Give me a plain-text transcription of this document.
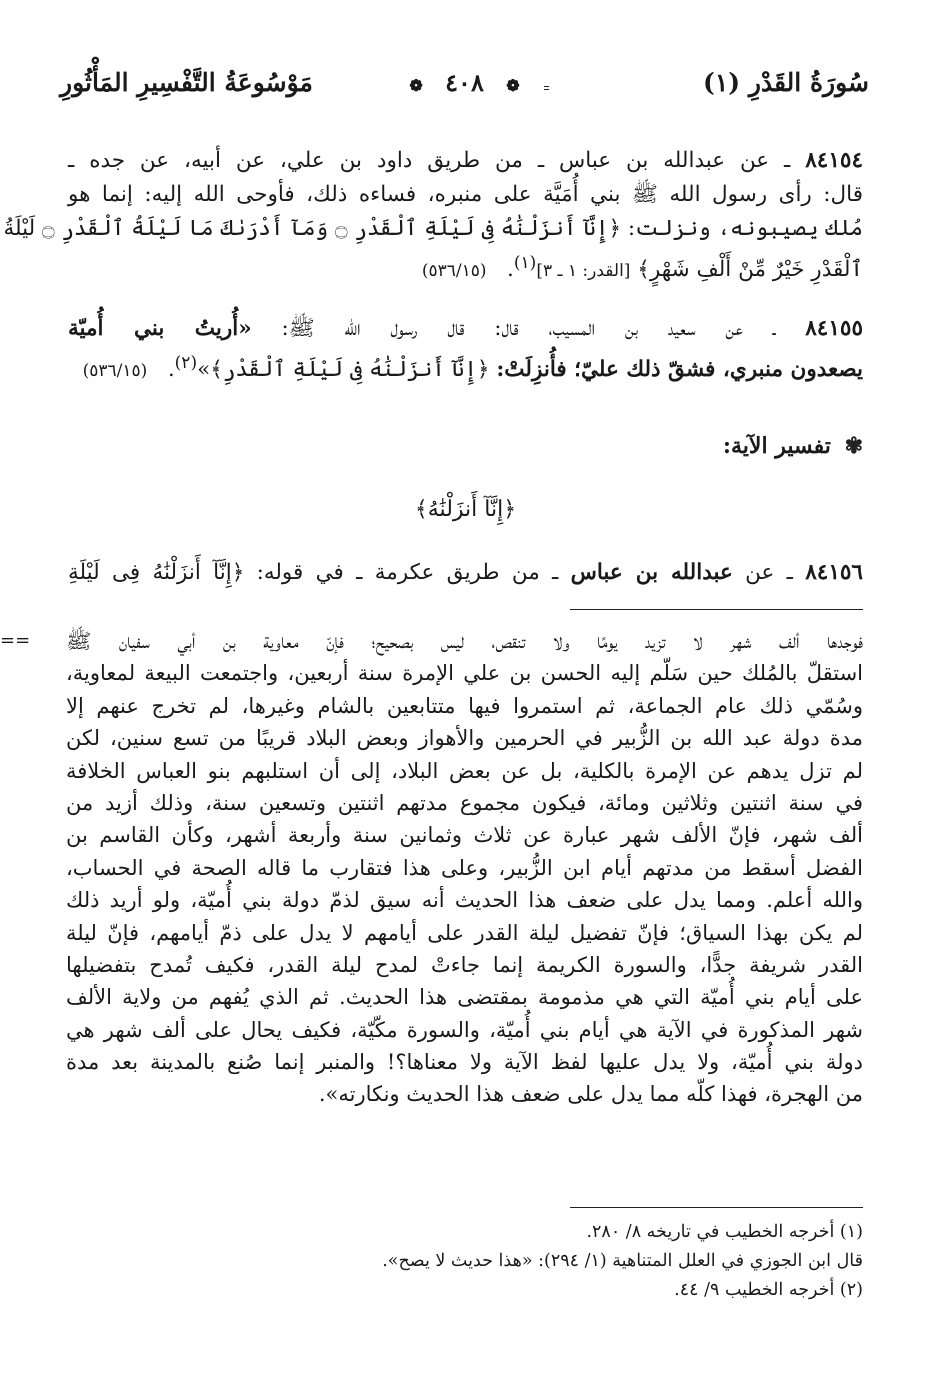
سُورَةُ القَدْرِ (١)
❁ ٤٠٨ ❁
مَوْسُوعَةُ التَّفْسِيرِ المَأْثُورِ
٨٤١٥٤ ـ عن عبدالله بن عباس ـ من طريق داود بن علي، عن أبيه، عن جده ـ
قال: رأى رسول الله ﷺ بني أُمَيَّة على منبره، فساءه ذلك، فأوحى الله إليه: إنما هو
مُلك يصيبونه، ونزلت: ﴿إِنَّآ أَنزَلْنَٰهُ فِى لَيْلَةِ ٱلْقَدْرِ ۝ وَمَآ أَدْرَىٰكَ مَا لَيْلَةُ ٱلْقَدْرِ ۝ لَيْلَةُ
ٱلْقَدْرِ خَيْرٌ مِّنْ أَلْفِ شَهْرٍ﴾ [القدر: ١ ـ ٣]$^{(١)}$.   (٥٣٦/١٥)
٨٤١٥٥ ـ عن سعيد بن المسيب، قال: قال رسول الله ﷺ: «أُريتُ بني أُميّة
يصعدون منبري، فشقّ ذلك عليّ؛ فأُنزِلَتْ: ﴿إِنَّآ أَنزَلْنَٰهُ فِى لَيْلَةِ ٱلْقَدْرِ﴾»$^{(٢)}$.   (٥٣٦/١٥)
✾ تفسير الآية:
﴿إِنَّآ أَنزَلْنَٰهُ﴾
٨٤١٥٦ ـ عن عبدالله بن عباس ـ من طريق عكرمة ـ في قوله: ﴿إِنَّآ أَنزَلْنَٰهُ فِى لَيْلَةِ
== فوجدها ألف شهر لا تزيد يومًا ولا تنقص، ليس بصحيح؛ فإنّ معاوية بن أبي سفيان ﷺ
استقلّ بالمُلك حين سَلّم إليه الحسن بن علي الإمرة سنة أربعين، واجتمعت البيعة لمعاوية،
وسُمّي ذلك عام الجماعة، ثم استمروا فيها متتابعين بالشام وغيرها، لم تخرج عنهم إلا
مدة دولة عبد الله بن الزُّبير في الحرمين والأهواز وبعض البلاد قريبًا من تسع سنين، لكن
لم تزل يدهم عن الإمرة بالكلية، بل عن بعض البلاد، إلى أن استلبهم بنو العباس الخلافة
في سنة اثنتين وثلاثين ومائة، فيكون مجموع مدتهم اثنتين وتسعين سنة، وذلك أزيد من
ألف شهر، فإنّ الألف شهر عبارة عن ثلاث وثمانين سنة وأربعة أشهر، وكأن القاسم بن
الفضل أسقط من مدتهم أيام ابن الزُّبير، وعلى هذا فتقارب ما قاله الصحة في الحساب،
والله أعلم. ومما يدل على ضعف هذا الحديث أنه سيق لذمّ دولة بني أُميّة، ولو أريد ذلك
لم يكن بهذا السياق؛ فإنّ تفضيل ليلة القدر على أيامهم لا يدل على ذمّ أيامهم، فإنّ ليلة
القدر شريفة جدًّا، والسورة الكريمة إنما جاءتْ لمدح ليلة القدر، فكيف تُمدح بتفضيلها
على أيام بني أُميّة التي هي مذمومة بمقتضى هذا الحديث. ثم الذي يُفهم من ولاية الألف
شهر المذكورة في الآية هي أيام بني أُميّة، والسورة مكّيّة، فكيف يحال على ألف شهر هي
دولة بني أُميّة، ولا يدل عليها لفظ الآية ولا معناها؟! والمنبر إنما صُنع بالمدينة بعد مدة
من الهجرة، فهذا كلّه مما يدل على ضعف هذا الحديث ونكارته».
(١) أخرجه الخطيب في تاريخه ٨/ ٢٨٠.
قال ابن الجوزي في العلل المتناهية (١/ ٢٩٤): «هذا حديث لا يصح».
(٢) أخرجه الخطيب ٩/ ٤٤.
